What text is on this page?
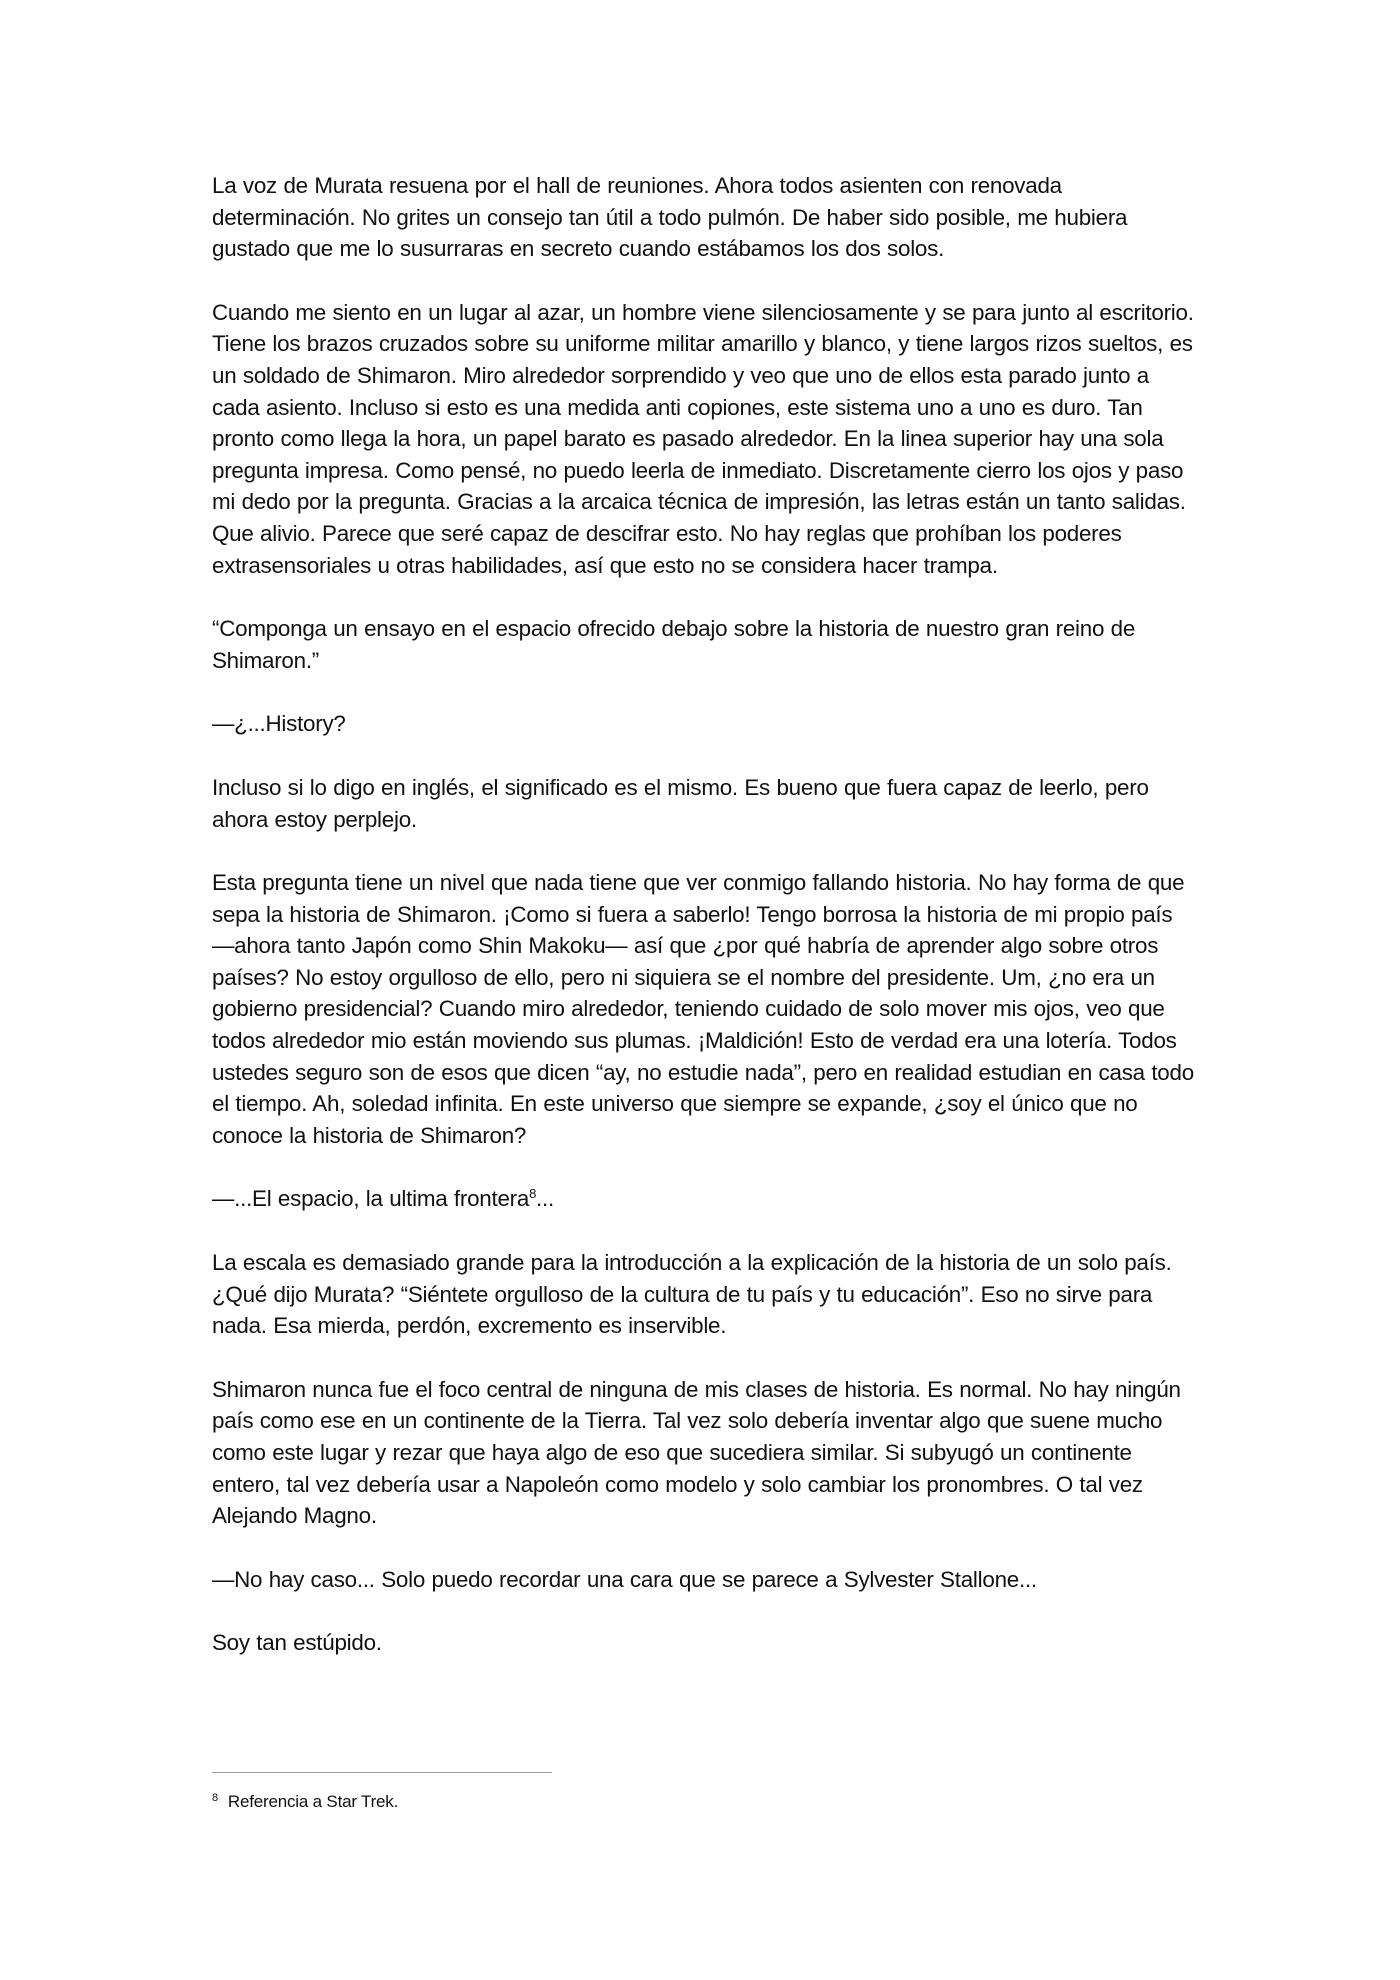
La voz de Murata resuena por el hall de reuniones. Ahora todos asienten con renovada determinación. No grites un consejo tan útil a todo pulmón. De haber sido posible, me hubiera gustado que me lo susurraras en secreto cuando estábamos los dos solos.

Cuando me siento en un lugar al azar, un hombre viene silenciosamente y se para junto al escritorio. Tiene los brazos cruzados sobre su uniforme militar amarillo y blanco, y tiene largos rizos sueltos, es un soldado de Shimaron. Miro alrededor sorprendido y veo que uno de ellos esta parado junto a cada asiento. Incluso si esto es una medida anti copiones, este sistema uno a uno es duro. Tan pronto como llega la hora, un papel barato es pasado alrededor. En la linea superior hay una sola pregunta impresa. Como pensé, no puedo leerla de inmediato. Discretamente cierro los ojos y paso mi dedo por la pregunta. Gracias a la arcaica técnica de impresión, las letras están un tanto salidas. Que alivio. Parece que seré capaz de descifrar esto. No hay reglas que prohíban los poderes extrasensoriales u otras habilidades, así que esto no se considera hacer trampa.

“Componga un ensayo en el espacio ofrecido debajo sobre la historia de nuestro gran reino de Shimaron.”

—¿...History?

Incluso si lo digo en inglés, el significado es el mismo. Es bueno que fuera capaz de leerlo, pero ahora estoy perplejo.

Esta pregunta tiene un nivel que nada tiene que ver conmigo fallando historia. No hay forma de que sepa la historia de Shimaron. ¡Como si fuera a saberlo! Tengo borrosa la historia de mi propio país —ahora tanto Japón como Shin Makoku— así que ¿por qué habría de aprender algo sobre otros países? No estoy orgulloso de ello, pero ni siquiera se el nombre del presidente. Um, ¿no era un gobierno presidencial? Cuando miro alrededor, teniendo cuidado de solo mover mis ojos, veo que todos alrededor mio están moviendo sus plumas. ¡Maldición! Esto de verdad era una lotería. Todos ustedes seguro son de esos que dicen “ay, no estudie nada”, pero en realidad estudian en casa todo el tiempo. Ah, soledad infinita. En este universo que siempre se expande, ¿soy el único que no conoce la historia de Shimaron?

—...El espacio, la ultima frontera$^8$...

La escala es demasiado grande para la introducción a la explicación de la historia de un solo país. ¿Qué dijo Murata? “Siéntete orgulloso de la cultura de tu país y tu educación”. Eso no sirve para nada. Esa mierda, perdón, excremento es inservible.

Shimaron nunca fue el foco central de ninguna de mis clases de historia. Es normal. No hay ningún país como ese en un continente de la Tierra. Tal vez solo debería inventar algo que suene mucho como este lugar y rezar que haya algo de eso que sucediera similar. Si subyugó un continente entero, tal vez debería usar a Napoleón como modelo y solo cambiar los pronombres. O tal vez Alejando Magno.

—No hay caso... Solo puedo recordar una cara que se parece a Sylvester Stallone...

Soy tan estúpido.

$^8$ Referencia a Star Trek.
